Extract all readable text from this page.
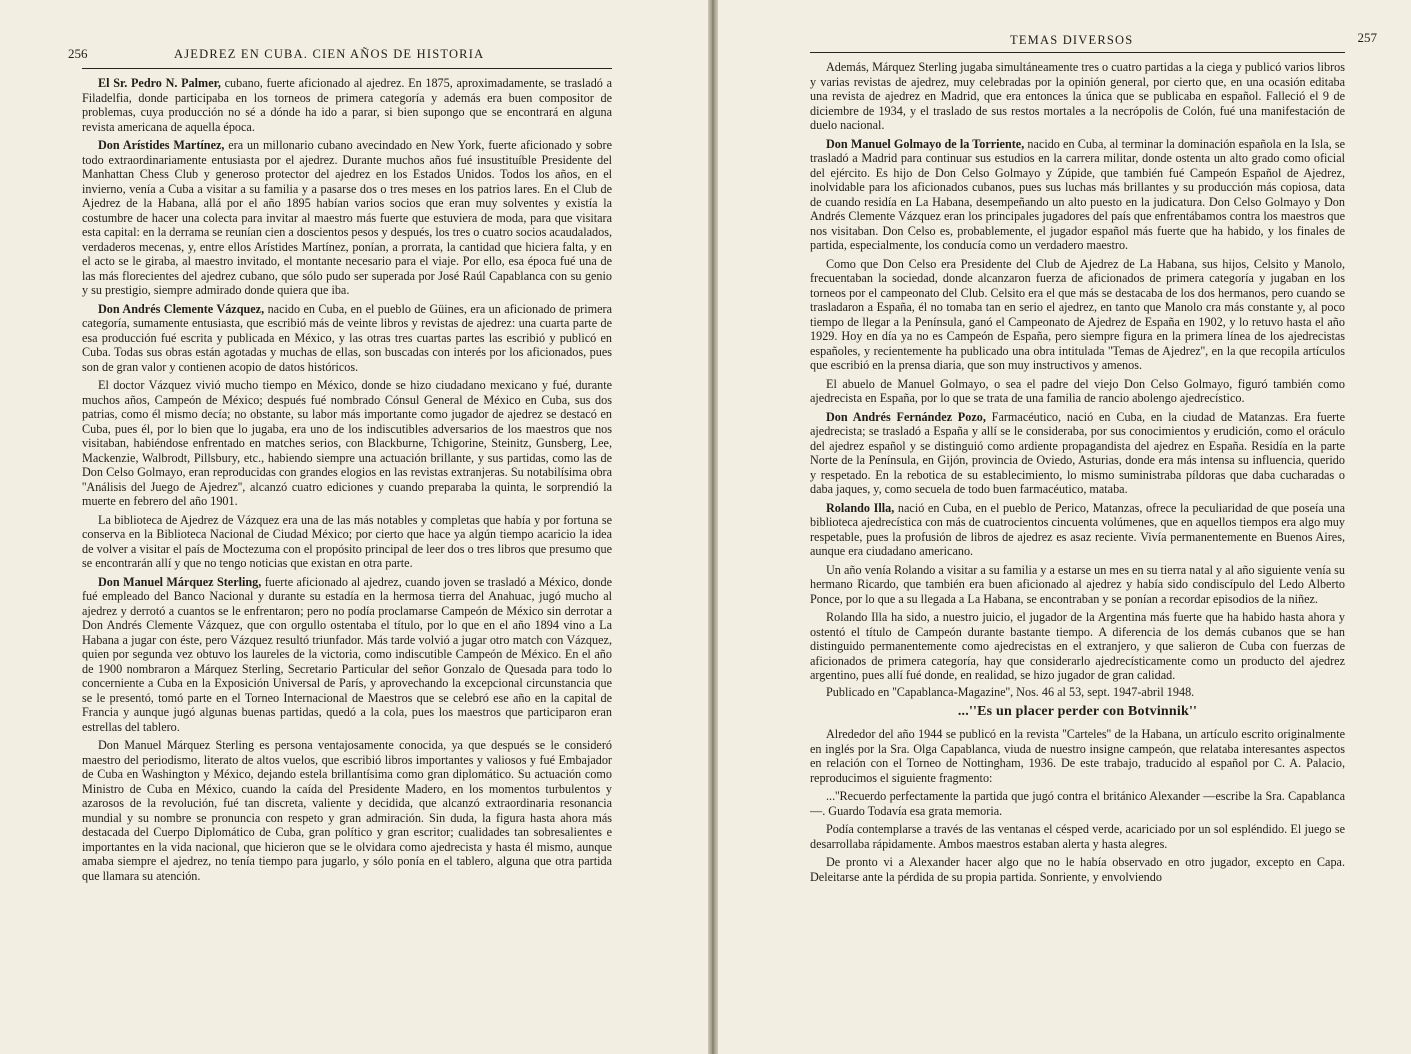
256	AJEDREZ EN CUBA. CIEN AÑOS DE HISTORIA

El Sr. Pedro N. Palmer, cubano, fuerte aficionado al ajedrez. En 1875, aproximadamente, se trasladó a Filadelfia, donde participaba en los torneos de primera categoría y además era buen compositor de problemas, cuya producción no sé a dónde ha ido a parar, si bien supongo que se encontrará en alguna revista americana de aquella época.

Don Arístides Martínez, era un millonario cubano avecindado en New York, fuerte aficionado y sobre todo extraordinariamente entusiasta por el ajedrez. Durante muchos años fué insustituíble Presidente del Manhattan Chess Club y generoso protector del ajedrez en los Estados Unidos. Todos los años, en el invierno, venía a Cuba a visitar a su familia y a pasarse dos o tres meses en los patrios lares. En el Club de Ajedrez de la Habana, allá por el año 1895 habían varios socios que eran muy solventes y existía la costumbre de hacer una colecta para invitar al maestro más fuerte que estuviera de moda, para que visitara esta capital: en la derrama se reunían cien a doscientos pesos y después, los tres o cuatro socios acaudalados, verdaderos mecenas, y, entre ellos Arístides Martínez, ponían, a prorrata, la cantidad que hiciera falta, y en el acto se le giraba, al maestro invitado, el montante necesario para el viaje. Por ello, esa época fué una de las más florecientes del ajedrez cubano, que sólo pudo ser superada por José Raúl Capablanca con su genio y su prestigio, siempre admirado donde quiera que iba.

Don Andrés Clemente Vázquez, nacido en Cuba, en el pueblo de Güines, era un aficionado de primera categoría, sumamente entusiasta, que escribió más de veinte libros y revistas de ajedrez: una cuarta parte de esa producción fué escrita y publicada en México, y las otras tres cuartas partes las escribió y publicó en Cuba. Todas sus obras están agotadas y muchas de ellas, son buscadas con interés por los aficionados, pues son de gran valor y contienen acopio de datos históricos.

El doctor Vázquez vivió mucho tiempo en México, donde se hizo ciudadano mexicano y fué, durante muchos años, Campeón de México; después fué nombrado Cónsul General de México en Cuba, sus dos patrias, como él mismo decía; no obstante, su labor más importante como jugador de ajedrez se destacó en Cuba, pues él, por lo bien que lo jugaba, era uno de los indiscutibles adversarios de los maestros que nos visitaban, habiéndose enfrentado en matches serios, con Blackburne, Tchigorine, Steinitz, Gunsberg, Lee, Mackenzie, Walbrodt, Pillsbury, etc., habiendo siempre una actuación brillante, y sus partidas, como las de Don Celso Golmayo, eran reproducidas con grandes elogios en las revistas extranjeras. Su notabilísima obra ''Análisis del Juego de Ajedrez'', alcanzó cuatro ediciones y cuando preparaba la quinta, le sorprendió la muerte en febrero del año 1901.

La biblioteca de Ajedrez de Vázquez era una de las más notables y completas que había y por fortuna se conserva en la Biblioteca Nacional de Ciudad México; por cierto que hace ya algún tiempo acaricio la idea de volver a visitar el país de Moctezuma con el propósito principal de leer dos o tres libros que presumo que se encontrarán allí y que no tengo noticias que existan en otra parte.

Don Manuel Márquez Sterling, fuerte aficionado al ajedrez, cuando joven se trasladó a México, donde fué empleado del Banco Nacional y durante su estadía en la hermosa tierra del Anahuac, jugó mucho al ajedrez y derrotó a cuantos se le enfrentaron; pero no podía proclamarse Campeón de México sin derrotar a Don Andrés Clemente Vázquez, que con orgullo ostentaba el título, por lo que en el año 1894 vino a La Habana a jugar con éste, pero Vázquez resultó triunfador. Más tarde volvió a jugar otro match con Vázquez, quien por segunda vez obtuvo los laureles de la victoria, como indiscutible Campeón de México. En el año de 1900 nombraron a Márquez Sterling, Secretario Particular del señor Gonzalo de Quesada para todo lo concerniente a Cuba en la Exposición Universal de París, y aprovechando la excepcional circunstancia que se le presentó, tomó parte en el Torneo Internacional de Maestros que se celebró ese año en la capital de Francia y aunque jugó algunas buenas partidas, quedó a la cola, pues los maestros que participaron eran estrellas del tablero.

Don Manuel Márquez Sterling es persona ventajosamente conocida, ya que después se le consideró maestro del periodismo, literato de altos vuelos, que escribió libros importantes y valiosos y fué Embajador de Cuba en Washington y México, dejando estela brillantísima como gran diplomático. Su actuación como Ministro de Cuba en México, cuando la caída del Presidente Madero, en los momentos turbulentos y azarosos de la revolución, fué tan discreta, valiente y decidida, que alcanzó extraordinaria resonancia mundial y su nombre se pronuncia con respeto y gran admiración. Sin duda, la figura hasta ahora más destacada del Cuerpo Diplomático de Cuba, gran político y gran escritor; cualidades tan sobresalientes e importantes en la vida nacional, que hicieron que se le olvidara como ajedrecista y hasta él mismo, aunque amaba siempre el ajedrez, no tenía tiempo para jugarlo, y sólo ponía en el tablero, alguna que otra partida que llamara su atención.

TEMAS DIVERSOS	257

Además, Márquez Sterling jugaba simultáneamente tres o cuatro partidas a la ciega y publicó varios libros y varias revistas de ajedrez, muy celebradas por la opinión general, por cierto que, en una ocasión editaba una revista de ajedrez en Madrid, que era entonces la única que se publicaba en español. Falleció el 9 de diciembre de 1934, y el traslado de sus restos mortales a la necrópolis de Colón, fué una manifestación de duelo nacional.

Don Manuel Golmayo de la Torriente, nacido en Cuba, al terminar la dominación española en la Isla, se trasladó a Madrid para continuar sus estudios en la carrera militar, donde ostenta un alto grado como oficial del ejército. Es hijo de Don Celso Golmayo y Zúpide, que también fué Campeón Español de Ajedrez, inolvidable para los aficionados cubanos, pues sus luchas más brillantes y su producción más copiosa, data de cuando residía en La Habana, desempeñando un alto puesto en la judicatura. Don Celso Golmayo y Don Andrés Clemente Vázquez eran los principales jugadores del país que enfrentábamos contra los maestros que nos visitaban. Don Celso es, probablemente, el jugador español más fuerte que ha habido, y los finales de partida, especialmente, los conducía como un verdadero maestro.

Como que Don Celso era Presidente del Club de Ajedrez de La Habana, sus hijos, Celsito y Manolo, frecuentaban la sociedad, donde alcanzaron fuerza de aficionados de primera categoría y jugaban en los torneos por el campeonato del Club. Celsito era el que más se destacaba de los dos hermanos, pero cuando se trasladaron a España, él no tomaba tan en serio el ajedrez, en tanto que Manolo cra más constante y, al poco tiempo de llegar a la Península, ganó el Campeonato de Ajedrez de España en 1902, y lo retuvo hasta el año 1929. Hoy en día ya no es Campeón de España, pero siempre figura en la primera línea de los ajedrecistas españoles, y recientemente ha publicado una obra intitulada ''Temas de Ajedrez'', en la que recopila artículos que escribió en la prensa diaria, que son muy instructivos y amenos.

El abuelo de Manuel Golmayo, o sea el padre del viejo Don Celso Golmayo, figuró también como ajedrecista en España, por lo que se trata de una familia de rancio abolengo ajedrecístico.

Don Andrés Fernández Pozo, Farmacéutico, nació en Cuba, en la ciudad de Matanzas. Era fuerte ajedrecista; se trasladó a España y allí se le consideraba, por sus conocimientos y erudición, como el oráculo del ajedrez español y se distinguió como ardiente propagandista del ajedrez en España. Residía en la parte Norte de la Península, en Gijón, provincia de Oviedo, Asturias, donde era más intensa su influencia, querido y respetado. En la rebotica de su establecimiento, lo mismo suministraba píldoras que daba cucharadas o daba jaques, y, como secuela de todo buen farmacéutico, mataba.

Rolando Illa, nació en Cuba, en el pueblo de Perico, Matanzas, ofrece la peculiaridad de que poseía una biblioteca ajedrecística con más de cuatrocientos cincuenta volúmenes, que en aquellos tiempos era algo muy respetable, pues la profusión de libros de ajedrez es asaz reciente. Vivía permanentemente en Buenos Aires, aunque era ciudadano americano.

Un año venía Rolando a visitar a su familia y a estarse un mes en su tierra natal y al año siguiente venía su hermano Ricardo, que también era buen aficionado al ajedrez y había sido condiscípulo del Ledo Alberto Ponce, por lo que a su llegada a La Habana, se encontraban y se ponían a recordar episodios de la niñez.

Rolando Illa ha sido, a nuestro juicio, el jugador de la Argentina más fuerte que ha habido hasta ahora y ostentó el título de Campeón durante bastante tiempo. A diferencia de los demás cubanos que se han distinguido permanentemente como ajedrecistas en el extranjero, y que salieron de Cuba con fuerzas de aficionados de primera categoría, hay que considerarlo ajedrecísticamente como un producto del ajedrez argentino, pues allí fué donde, en realidad, se hizo jugador de gran calidad.

Publicado en ''Capablanca-Magazine'', Nos. 46 al 53, sept. 1947-abril 1948.

...''Es un placer perder con Botvinnik''

Alrededor del año 1944 se publicó en la revista ''Carteles'' de la Habana, un artículo escrito originalmente en inglés por la Sra. Olga Capablanca, viuda de nuestro insigne campeón, que relataba interesantes aspectos en relación con el Torneo de Nottingham, 1936. De este trabajo, traducido al español por C. A. Palacio, reproducimos el siguiente fragmento:

...''Recuerdo perfectamente la partida que jugó contra el británico Alexander —escribe la Sra. Capablanca—. Guardo Todavía esa grata memoria.

Podía contemplarse a través de las ventanas el césped verde, acariciado por un sol espléndido. El juego se desarrollaba rápidamente. Ambos maestros estaban alerta y hasta alegres.

De pronto vi a Alexander hacer algo que no le había observado en otro jugador, excepto en Capa. Deleitarse ante la pérdida de su propia partida. Sonriente, y envolviendo
